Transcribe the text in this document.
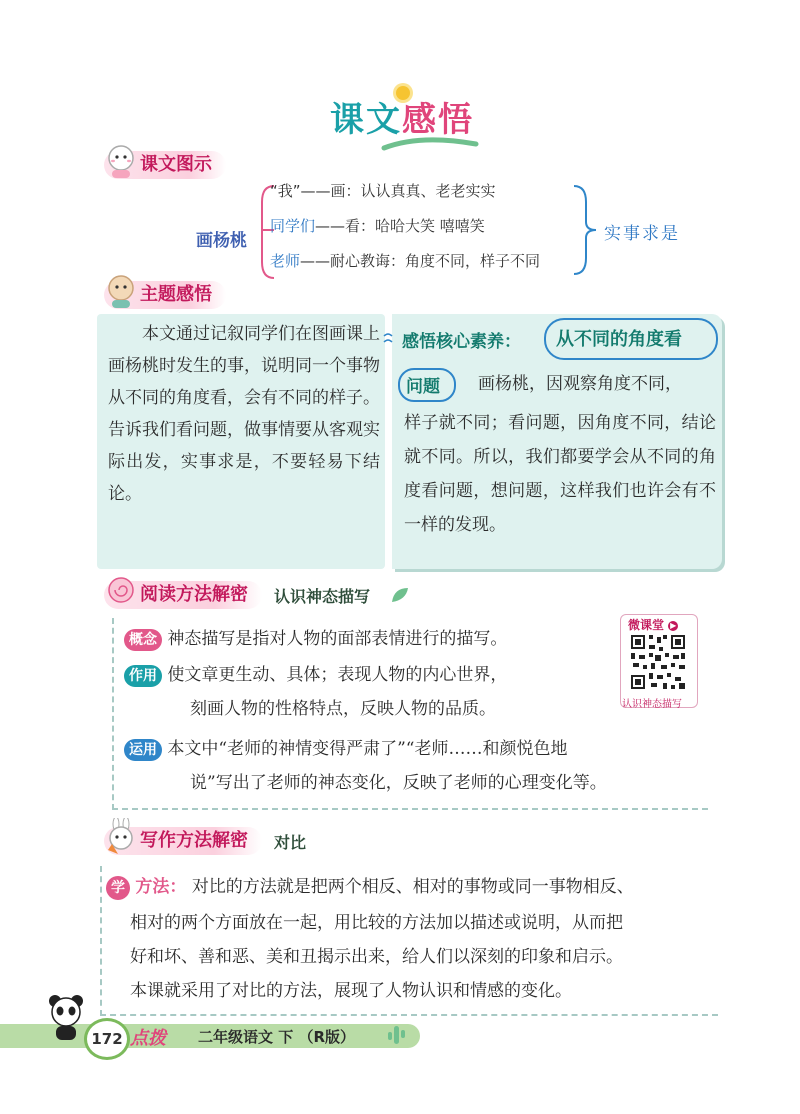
课文感悟
课文图示
画杨桃
“我”——画：认认真真、老老实实
同学们——看：哈哈大笑 嘻嘻笑
老师——耐心教诲：角度不同，样子不同
实事求是
主题感悟
本文通过记叙同学们在图画课上画杨桃时发生的事，说明同一个事物从不同的角度看，会有不同的样子。告诉我们看问题，做事情要从客观实际出发，实事求是，不要轻易下结论。
感悟核心素养： 从不同的角度看
问题 画杨桃，因观察角度不同，
样子就不同；看问题，因角度不同，结论就不同。所以，我们都要学会从不同的角度看问题，想问题，这样我们也许会有不一样的发现。
阅读方法解密	认识神态描写
概念 神态描写是指对人物的面部表情进行的描写。
作用 使文章更生动、具体；表现人物的内心世界，
刻画人物的性格特点，反映人物的品质。
运用 本文中“老师的神情变得严肃了”“老师……和颜悦色地
说”写出了老师的神态变化，反映了老师的心理变化等。
微课堂 ▶
认识神态描写
写作方法解密	对比
学 方法： 对比的方法就是把两个相反、相对的事物或同一事物相反、
相对的两个方面放在一起，用比较的方法加以描述或说明，从而把
好和坏、善和恶、美和丑揭示出来，给人们以深刻的印象和启示。
本课就采用了对比的方法，展现了人物认识和情感的变化。
172 点拨 二年级语文 下 （R版）
